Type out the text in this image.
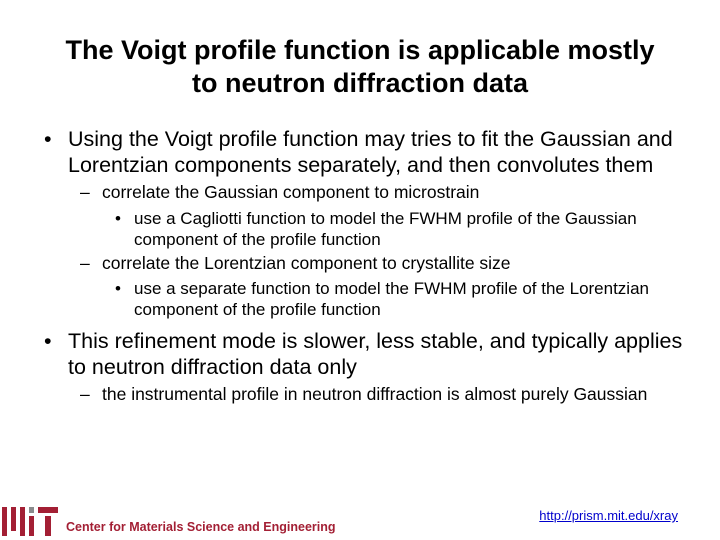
The Voigt profile function is applicable mostly
to neutron diffraction data
• Using the Voigt profile function may tries to fit the Gaussian and Lorentzian components separately, and then convolutes them
– correlate the Gaussian component to microstrain
• use a Cagliotti function to model the FWHM profile of the Gaussian component of the profile function
– correlate the Lorentzian component to crystallite size
• use a separate function to model the FWHM profile of the Lorentzian component of the profile function
• This refinement mode is slower, less stable, and typically applies to neutron diffraction data only
– the instrumental profile in neutron diffraction is almost purely Gaussian
http://prism.mit.edu/xray
Center for Materials Science and Engineering
